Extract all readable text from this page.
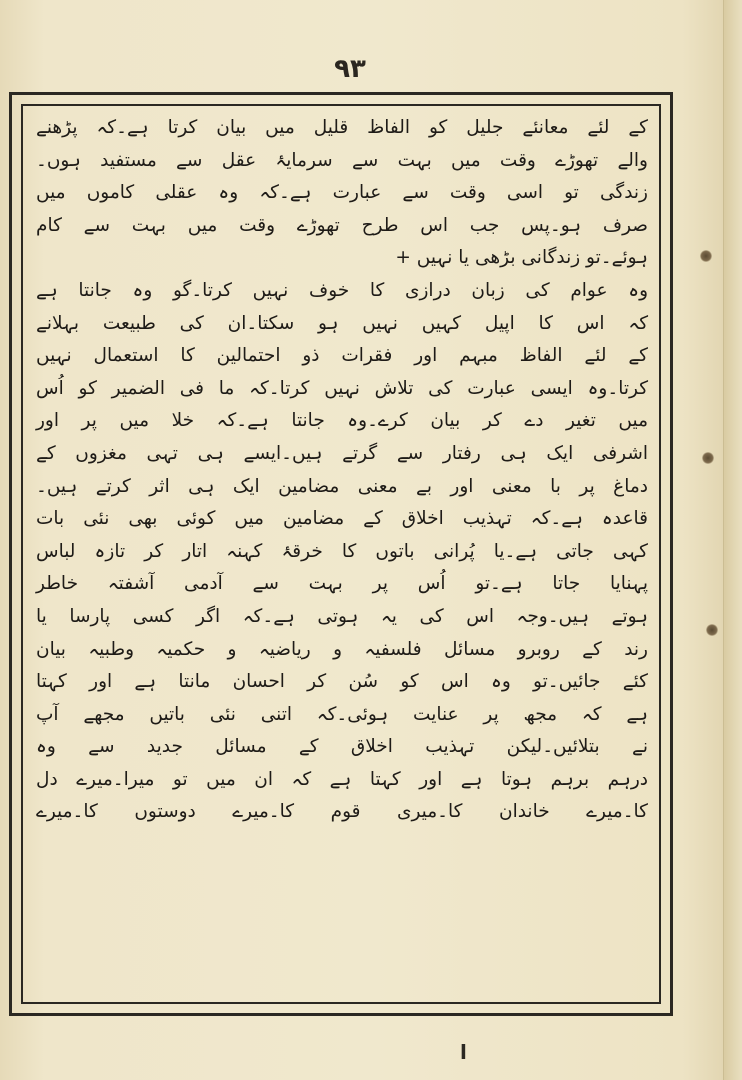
۹۳
کے لئے معانئے جلیل کو الفاظ قلیل میں بیان کرتا ہے۔کہ پڑھنے
والے تھوڑے وقت میں بہت سے سرمایۂ عقل سے مستفید ہوں۔
زندگی تو اسی وقت سے عبارت ہے۔کہ وہ عقلی کاموں میں
صرف ہو۔پس جب اس طرح تھوڑے وقت میں بہت سے کام
ہوئے۔تو زندگانی بڑھی یا نہیں +
وہ عوام کی زبان درازی کا خوف نہیں کرتا۔گو وہ جانتا ہے
کہ اس کا اپیل کہیں نہیں ہو سکتا۔ان کی طبیعت بہلانے
کے لئے الفاظ مبہم اور فقرات ذو احتمالین کا استعمال نہیں
کرتا۔وہ ایسی عبارت کی تلاش نہیں کرتا۔کہ ما فی الضمیر کو اُس
میں تغیر دے کر بیان کرے۔وہ جانتا ہے۔کہ خلا میں پر اور
اشرفی ایک ہی رفتار سے گرتے ہیں۔ایسے ہی تہی مغزوں کے
دماغ پر با معنی اور بے معنی مضامین ایک ہی اثر کرتے ہیں۔
قاعدہ ہے۔کہ تہذیب اخلاق کے مضامین میں کوئی بھی نئی بات
کہی جاتی ہے۔یا پُرانی باتوں کا خرقۂ کہنہ اتار کر تازہ لباس
پہنایا جاتا ہے۔تو اُس پر بہت سے آدمی آشفتہ خاطر
ہوتے ہیں۔وجہ اس کی یہ ہوتی ہے۔کہ اگر کسی پارسا یا
رند کے روبرو مسائل فلسفیہ و ریاضیہ و حکمیہ وطبیہ بیان
کئے جائیں۔تو وہ اس کو سُن کر احسان مانتا ہے اور کہتا
ہے کہ مجھ پر عنایت ہوئی۔کہ اتنی نئی باتیں مجھے آپ
نے بتلائیں۔لیکن تہذیب اخلاق کے مسائل جدید سے وہ
درہم برہم ہوتا ہے اور کہتا ہے کہ ان میں تو میرا۔میرے دل
کا۔میرے خاندان کا۔میری قوم کا۔میرے دوستوں کا۔میرے
ا
